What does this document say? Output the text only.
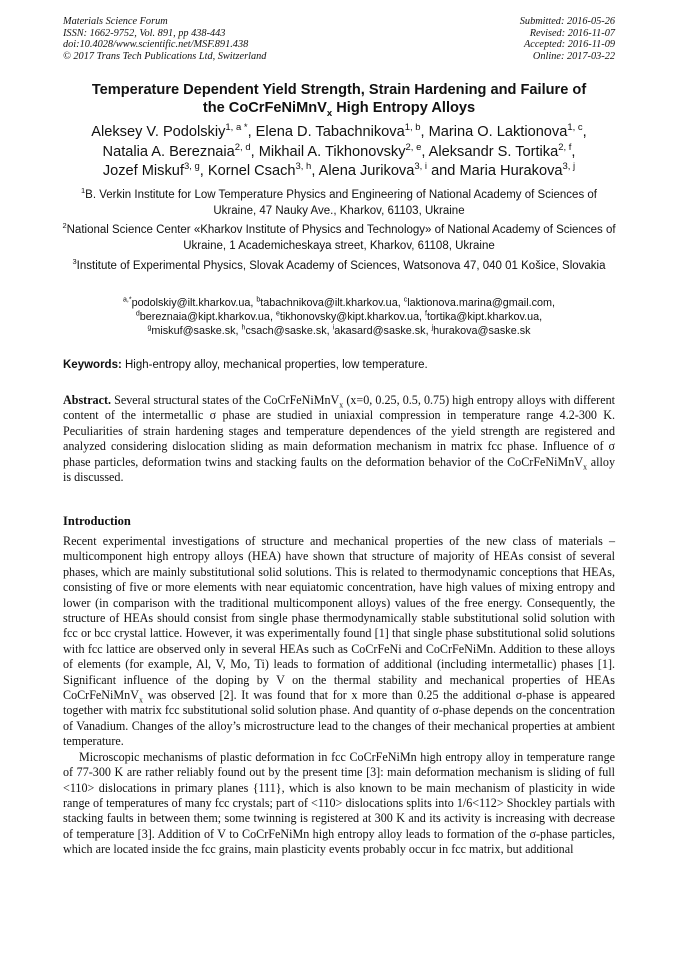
Materials Science Forum
ISSN: 1662-9752, Vol. 891, pp 438-443
doi:10.4028/www.scientific.net/MSF.891.438
© 2017 Trans Tech Publications Ltd, Switzerland
Submitted: 2016-05-26
Revised: 2016-11-07
Accepted: 2016-11-09
Online: 2017-03-22
Temperature Dependent Yield Strength, Strain Hardening and Failure of
the CoCrFeNiMnV$_x$ High Entropy Alloys
Aleksey V. Podolskiy$^{1, a *}$, Elena D. Tabachnikova$^{1, b}$, Marina O. Laktionova$^{1, c}$,
Natalia A. Bereznaia$^{2, d}$, Mikhail A. Tikhonovsky$^{2, e}$, Aleksandr S. Tortika$^{2, f}$,
Jozef Miskuf$^{3, g}$, Kornel Csach$^{3, h}$, Alena Jurikova$^{3, i}$ and Maria Hurakova$^{3, j}$
$^1$B. Verkin Institute for Low Temperature Physics and Engineering of National Academy of Sciences of Ukraine, 47 Nauky Ave., Kharkov, 61103, Ukraine
$^2$National Science Center «Kharkov Institute of Physics and Technology» of National Academy of Sciences of Ukraine, 1 Academicheskaya street, Kharkov, 61108, Ukraine
$^3$Institute of Experimental Physics, Slovak Academy of Sciences, Watsonova 47, 040 01 Košice, Slovakia
$^{a,*}$podolskiy@ilt.kharkov.ua, $^b$tabachnikova@ilt.kharkov.ua, $^c$laktionova.marina@gmail.com,
$^d$bereznaia@kipt.kharkov.ua, $^e$tikhonovsky@kipt.kharkov.ua, $^f$tortika@kipt.kharkov.ua,
$^g$miskuf@saske.sk, $^h$csach@saske.sk, $^i$akasard@saske.sk, $^j$hurakova@saske.sk
Keywords: High-entropy alloy, mechanical properties, low temperature.
Abstract. Several structural states of the CoCrFeNiMnV$_x$ (x=0, 0.25, 0.5, 0.75) high entropy alloys with different content of the intermetallic σ phase are studied in uniaxial compression in temperature range 4.2-300 K. Peculiarities of strain hardening stages and temperature dependences of the yield strength are registered and analyzed considering dislocation sliding as main deformation mechanism in matrix fcc phase. Influence of σ phase particles, deformation twins and stacking faults on the deformation behavior of the CoCrFeNiMnV$_x$ alloy is discussed.
Introduction

Recent experimental investigations of structure and mechanical properties of the new class of materials – multicomponent high entropy alloys (HEA) have shown that structure of majority of HEAs consist of several phases, which are mainly substitutional solid solutions. This is related to thermodynamic conceptions that HEAs, consisting of five or more elements with near equiatomic concentration, have high values of mixing entropy and lower (in comparison with the traditional multicomponent alloys) values of the free energy. Consequently, the structure of HEAs should consist from single phase thermodynamically stable substitutional solid solution with fcc or bcc crystal lattice. However, it was experimentally found [1] that single phase substitutional solid solutions with fcc lattice are observed only in several HEAs such as CoCrFeNi and CoCrFeNiMn. Addition to these alloys of elements (for example, Al, V, Mo, Ti) leads to formation of additional (including intermetallic) phases [1]. Significant influence of the doping by V on the thermal stability and mechanical properties of HEAs CoCrFeNiMnV$_x$ was observed [2]. It was found that for x more than 0.25 the additional σ-phase is appeared together with matrix fcc substitutional solid solution phase. And quantity of σ-phase depends on the concentration of Vanadium. Changes of the alloy’s microstructure lead to the changes of their mechanical properties at ambient temperature.

Microscopic mechanisms of plastic deformation in fcc CoCrFeNiMn high entropy alloy in temperature range of 77-300 K are rather reliably found out by the present time [3]: main deformation mechanism is sliding of full <110> dislocations in primary planes {111}, which is also known to be main mechanism of plasticity in wide range of temperatures of many fcc crystals; part of <110> dislocations splits into 1/6<112> Shockley partials with stacking faults in between them; some twinning is registered at 300 K and its activity is increasing with decrease of temperature [3]. Addition of V to CoCrFeNiMn high entropy alloy leads to formation of the σ-phase particles, which are located inside the fcc grains, main plasticity events probably occur in fcc matrix, but additional
